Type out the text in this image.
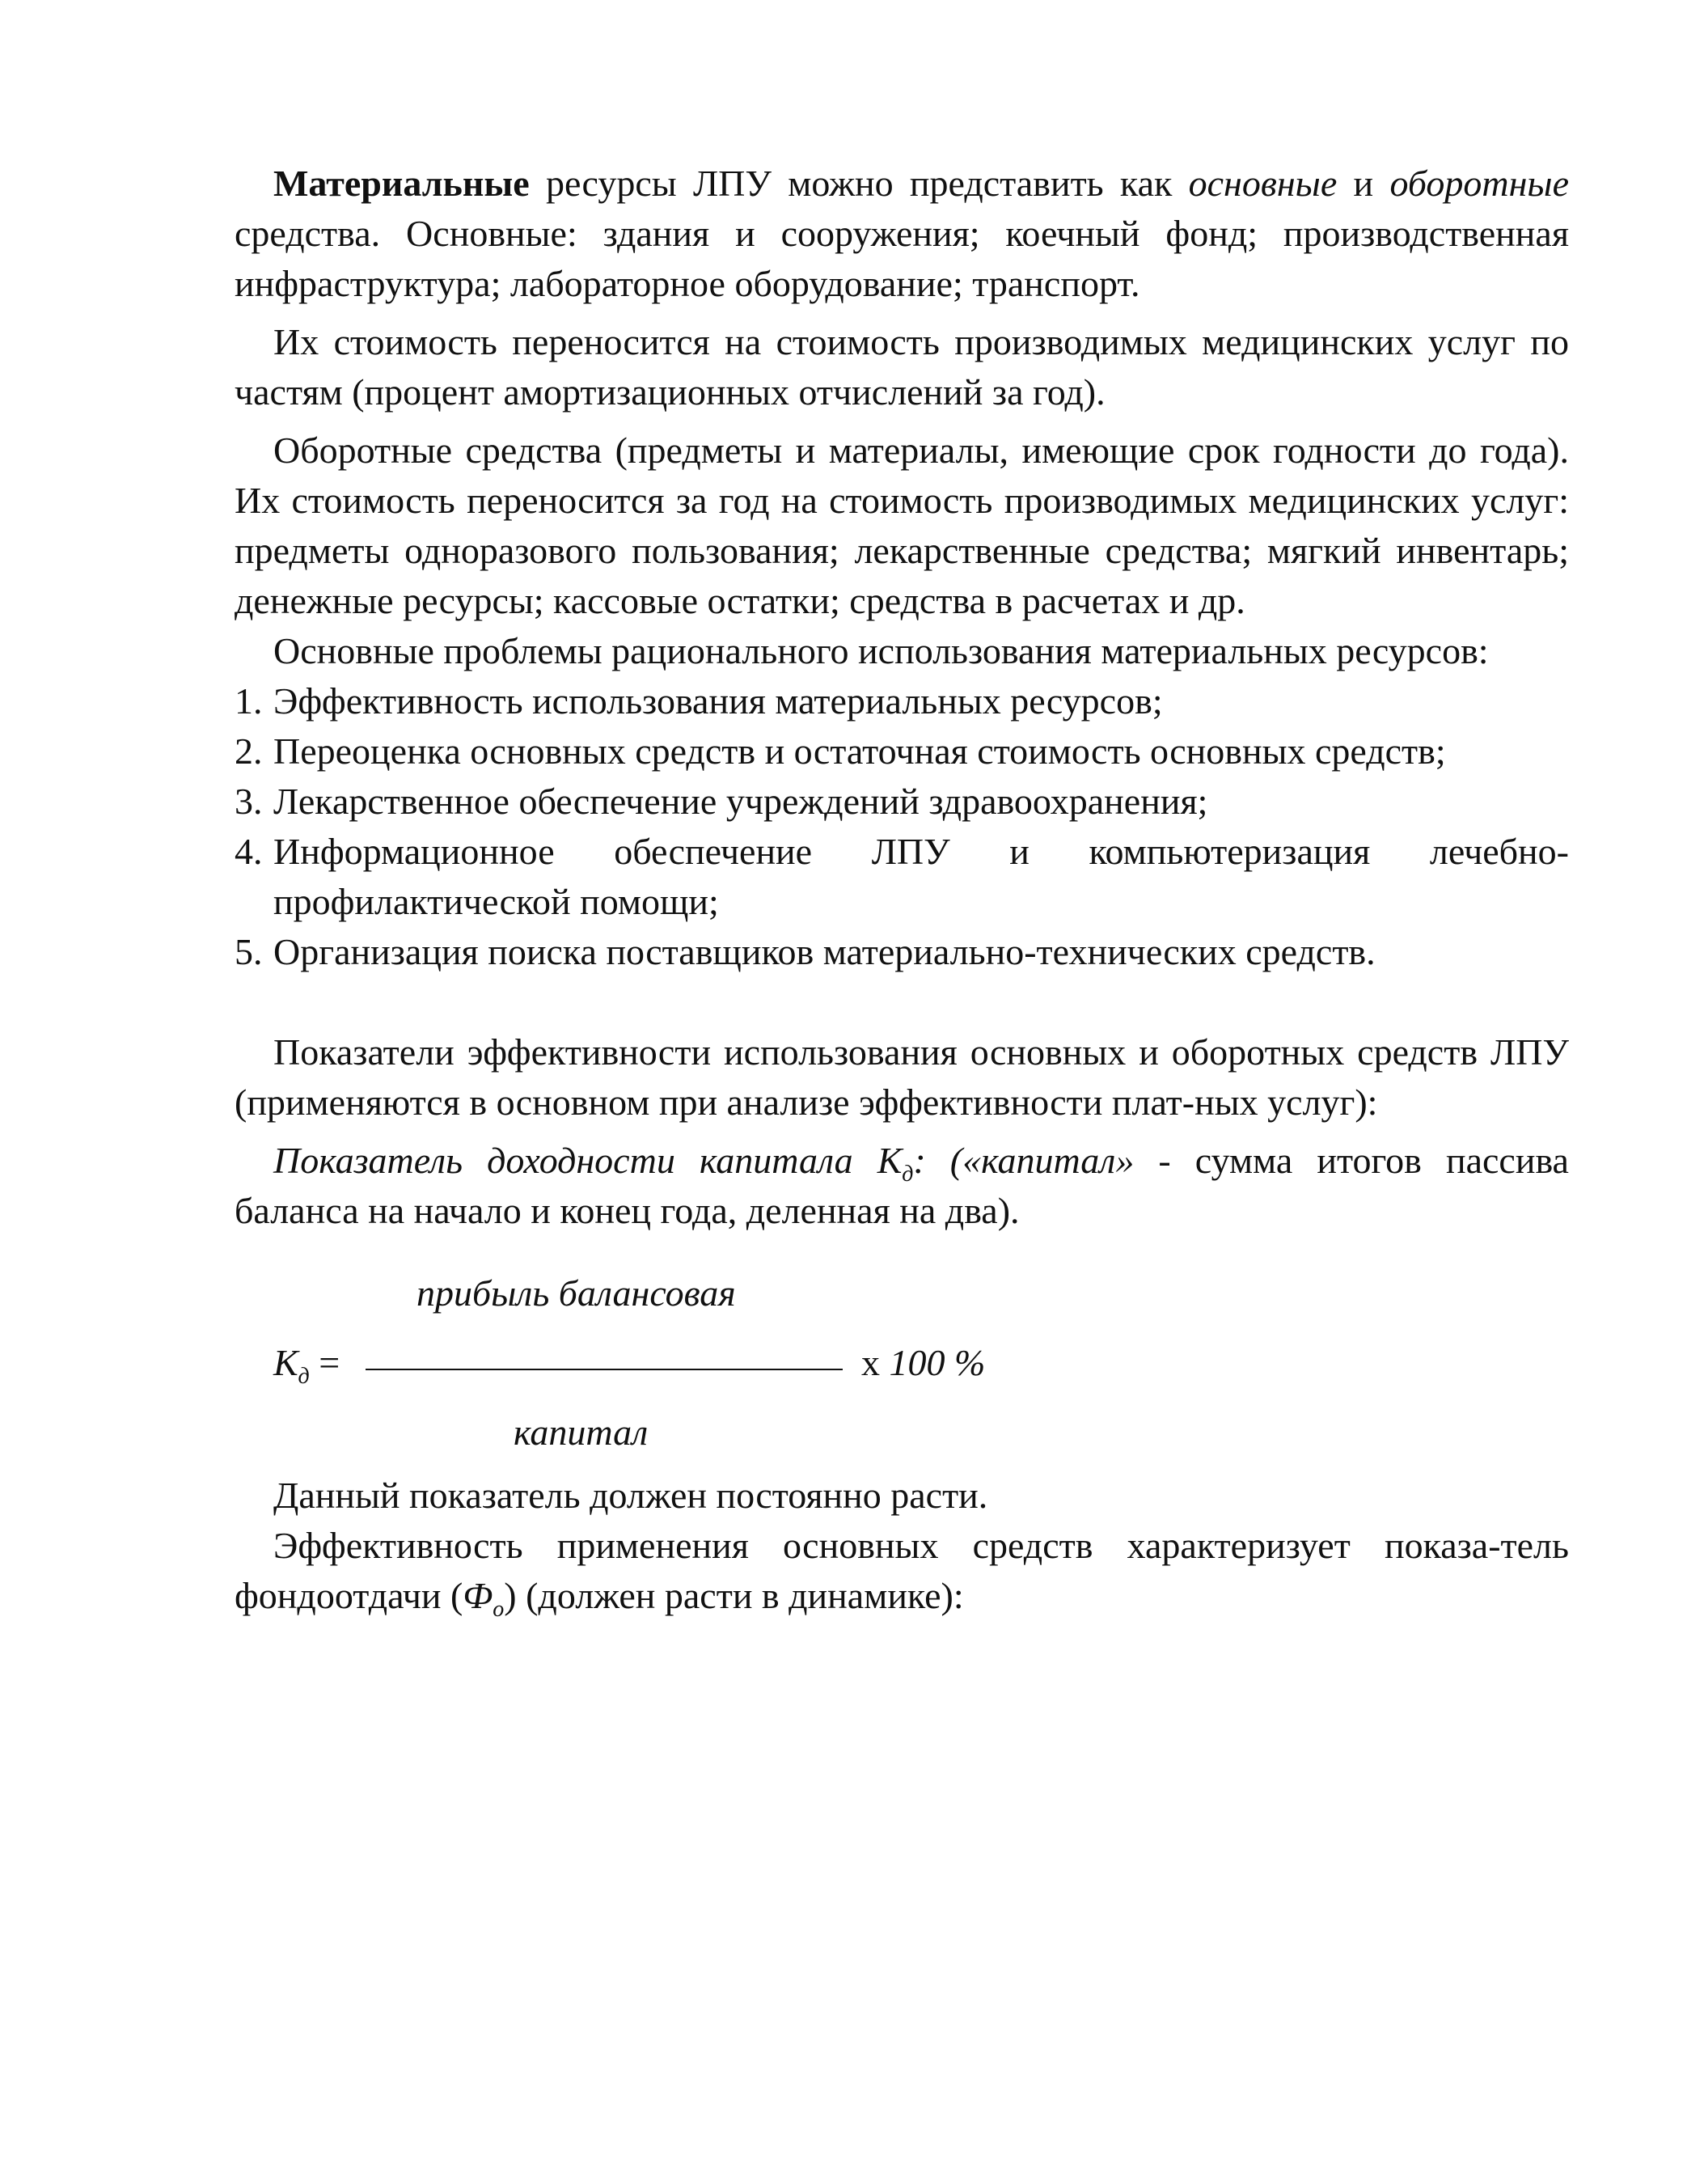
Материальные ресурсы ЛПУ можно представить как основные и оборотные средства. Основные: здания и сооружения; коечный фонд; производственная инфраструктура; лабораторное оборудование; транспорт.

Их стоимость переносится на стоимость производимых медицинских услуг по частям (процент амортизационных отчислений за год).

Оборотные средства (предметы и материалы, имеющие срок годности до года). Их стоимость переносится за год на стоимость производимых медицинских услуг: предметы одноразового пользования; лекарственные средства; мягкий инвентарь; денежные ресурсы; кассовые остатки; средства в расчетах и др.

Основные проблемы рационального использования материальных ресурсов:

1. Эффективность использования материальных ресурсов;
2. Переоценка основных средств и остаточная стоимость основных средств;
3. Лекарственное обеспечение учреждений здравоохранения;
4. Информационное обеспечение ЛПУ и компьютеризация лечебно-профилактической помощи;
5. Организация поиска поставщиков материально-технических средств.

Показатели эффективности использования основных и оборотных средств ЛПУ (применяются в основном при анализе эффективности плат-ных услуг):

Показатель доходности капитала $К_д$: («капитал» - сумма итогов пассива баланса на начало и конец года, деленная на два).

прибыль балансовая
$К_д$ =	х 100 %
капитал

Данный показатель должен постоянно расти.

Эффективность применения основных средств характеризует показа-тель фондоотдачи $(Ф_о)$ (должен расти в динамике):
